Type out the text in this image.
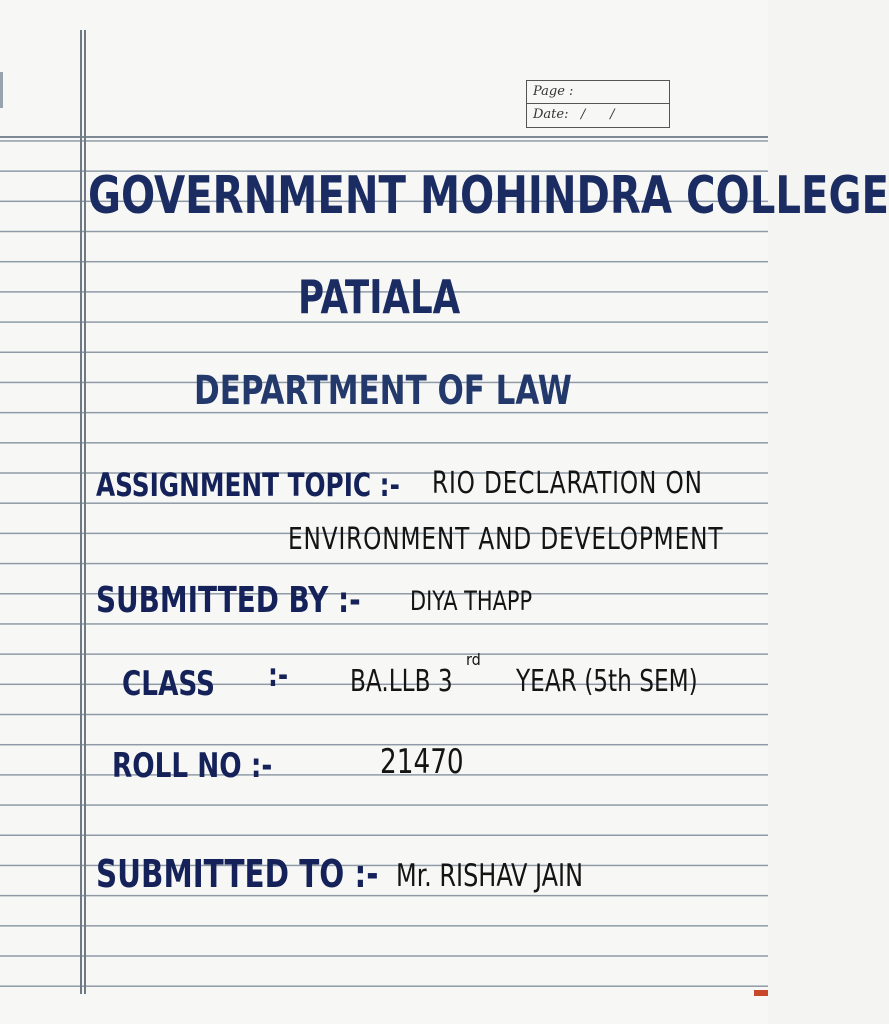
Page :
Date: /      /
GOVERNMENT MOHINDRA COLLEGE
PATIALA
DEPARTMENT OF LAW
ASSIGNMENT TOPIC :- RIO DECLARATION ON
ENVIRONMENT AND DEVELOPMENT
SUBMITTED BY :- DIYA THAPP
CLASS :- BA.LLB 3
rd
YEAR (5th SEM)
ROLL NO :-	21470
SUBMITTED TO :- Mr. RISHAV JAIN
